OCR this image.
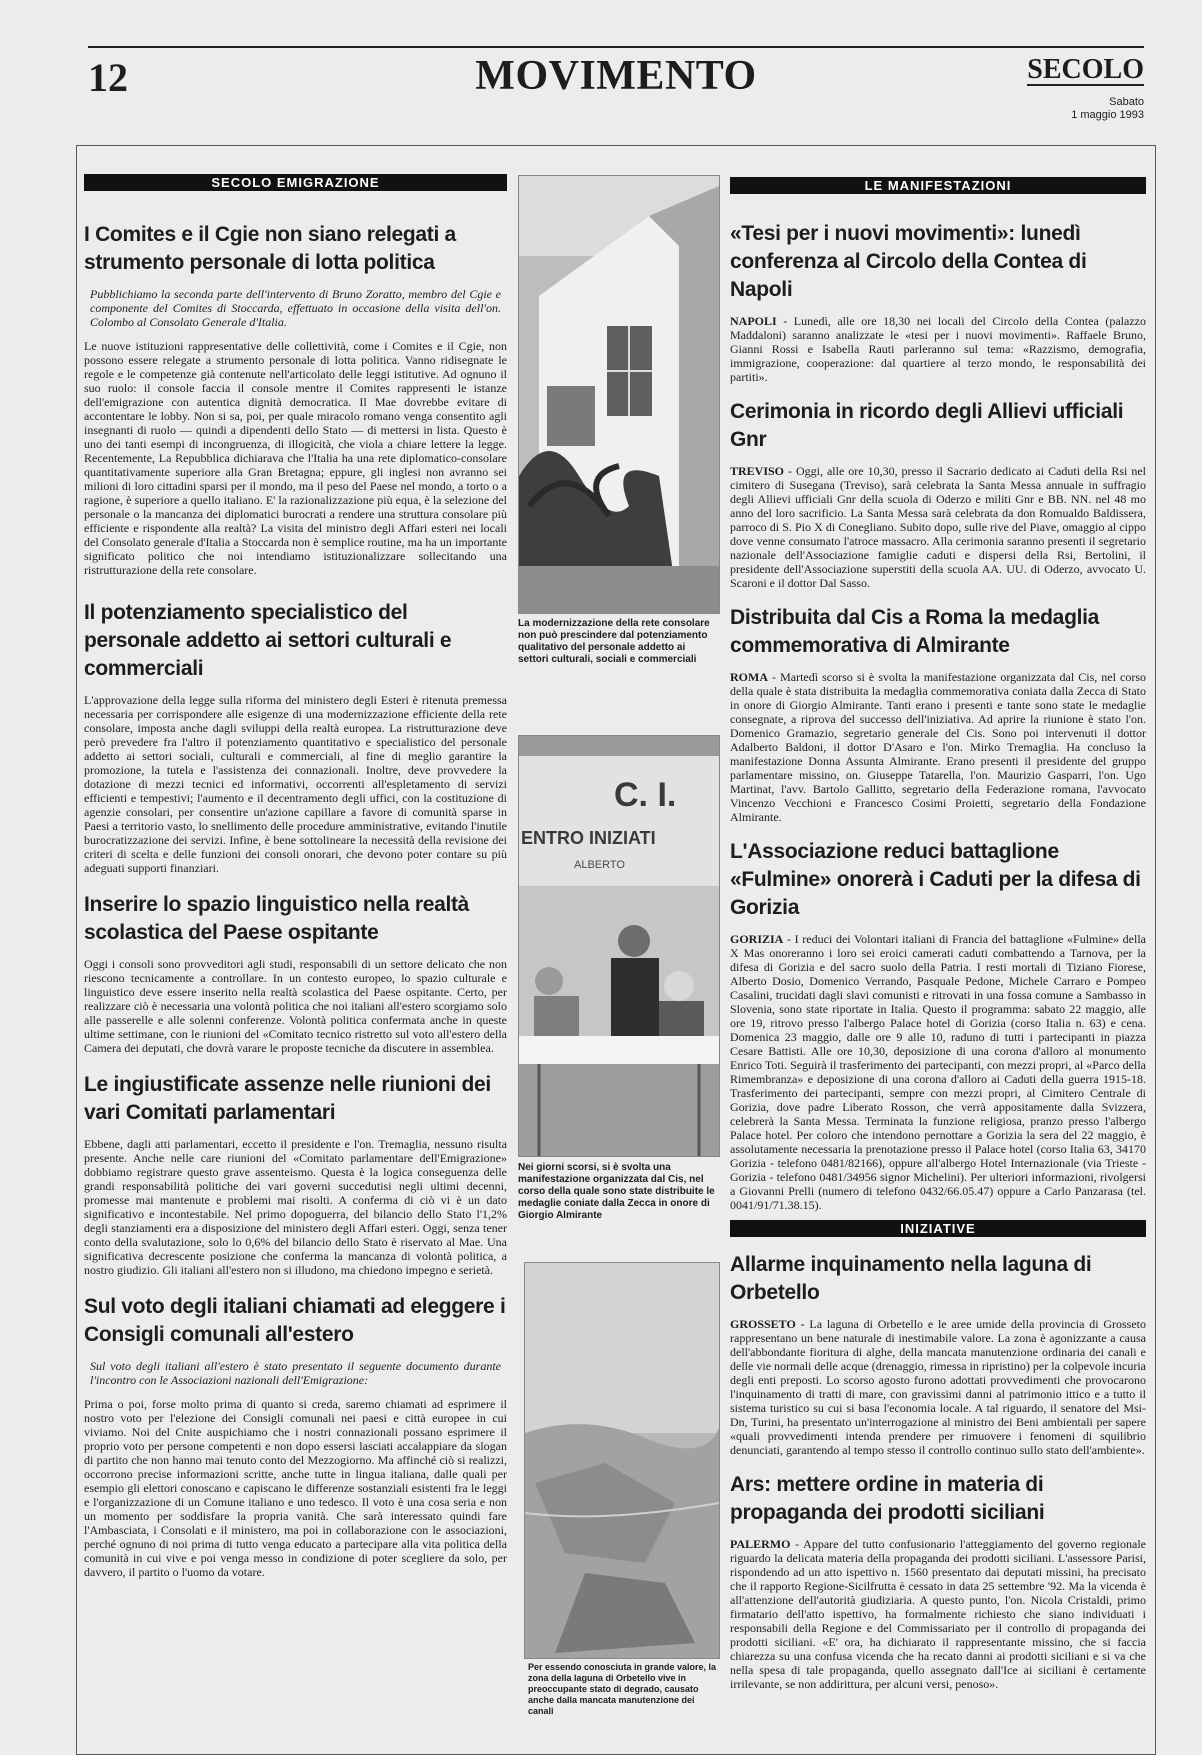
12	MOVIMENTO	SECOLO
Sabato
1 maggio 1993
SECOLO EMIGRAZIONE
I Comites e il Cgie non siano relegati a strumento personale di lotta politica

Pubblichiamo la seconda parte dell'intervento di Bruno Zoratto, membro del Cgie e componente del Comites di Stoccarda, effettuato in occasione della visita dell'on. Colombo al Consolato Generale d'Italia.

Le nuove istituzioni rappresentative delle collettività, come i Comites e il Cgie, non possono essere relegate a strumento personale di lotta politica. Vanno ridisegnate le regole e le competenze già contenute nell'articolato delle leggi istitutive. Ad ognuno il suo ruolo: il console faccia il console mentre il Comites rappresenti le istanze dell'emigrazione con autentica dignità democratica. Il Mae dovrebbe evitare di accontentare le lobby. Non si sa, poi, per quale miracolo romano venga consentito agli insegnanti di ruolo — quindi a dipendenti dello Stato — di mettersi in lista. Questo è uno dei tanti esempi di incongruenza, di illogicità, che viola a chiare lettere la legge. Recentemente, La Repubblica dichiarava che l'Italia ha una rete diplomatico-consolare quantitativamente superiore alla Gran Bretagna; eppure, gli inglesi non avranno sei milioni di loro cittadini sparsi per il mondo, ma il peso del Paese nel mondo, a torto o a ragione, è superiore a quello italiano. E' la razionalizzazione più equa, è la selezione del personale o la mancanza dei diplomatici burocrati a rendere una struttura consolare più efficiente e rispondente alla realtà? La visita del ministro degli Affari esteri nei locali del Consolato generale d'Italia a Stoccarda non è semplice routine, ma ha un importante significato politico che noi intendiamo istituzionalizzare sollecitando una ristrutturazione della rete consolare.

Il potenziamento specialistico del personale addetto ai settori culturali e commerciali

L'approvazione della legge sulla riforma del ministero degli Esteri è ritenuta premessa necessaria per corrispondere alle esigenze di una modernizzazione efficiente della rete consolare, imposta anche dagli sviluppi della realtà europea. La ristrutturazione deve però prevedere fra l'altro il potenziamento quantitativo e specialistico del personale addetto ai settori sociali, culturali e commerciali, al fine di meglio garantire la promozione, la tutela e l'assistenza dei connazionali. Inoltre, deve provvedere la dotazione di mezzi tecnici ed informativi, occorrenti all'espletamento di servizi efficienti e tempestivi; l'aumento e il decentramento degli uffici, con la costituzione di agenzie consolari, per consentire un'azione capillare a favore di comunità sparse in Paesi a territorio vasto, lo snellimento delle procedure amministrative, evitando l'inutile burocratizzazione dei servizi. Infine, è bene sottolineare la necessità della revisione dei criteri di scelta e delle funzioni dei consoli onorari, che devono poter contare su più adeguati supporti finanziari.

Inserire lo spazio linguistico nella realtà scolastica del Paese ospitante

Oggi i consoli sono provveditori agli studi, responsabili di un settore delicato che non riescono tecnicamente a controllare. In un contesto europeo, lo spazio culturale e linguistico deve essere inserito nella realtà scolastica del Paese ospitante. Certo, per realizzare ciò è necessaria una volontà politica che noi italiani all'estero scorgiamo solo alle passerelle e alle solenni conferenze. Volontà politica confermata anche in queste ultime settimane, con le riunioni del «Comitato tecnico ristretto sul voto all'estero della Camera dei deputati, che dovrà varare le proposte tecniche da discutere in assemblea.

Le ingiustificate assenze nelle riunioni dei vari Comitati parlamentari

Ebbene, dagli atti parlamentari, eccetto il presidente e l'on. Tremaglia, nessuno risulta presente. Anche nelle care riunioni del «Comitato parlamentare dell'Emigrazione» dobbiamo registrare questo grave assenteismo. Questa è la logica conseguenza delle grandi responsabilità politiche dei vari governi succedutisi negli ultimi decenni, promesse mai mantenute e problemi mai risolti. A conferma di ciò vi è un dato significativo e incontestabile. Nel primo dopoguerra, del bilancio dello Stato l'1,2% degli stanziamenti era a disposizione del ministero degli Affari esteri. Oggi, senza tener conto della svalutazione, solo lo 0,6% del bilancio dello Stato è riservato al Mae. Una significativa decrescente posizione che conferma la mancanza di volontà politica, a nostro giudizio. Gli italiani all'estero non si illudono, ma chiedono impegno e serietà.

Sul voto degli italiani chiamati ad eleggere i Consigli comunali all'estero

Sul voto degli italiani all'estero è stato presentato il seguente documento durante l'incontro con le Associazioni nazionali dell'Emigrazione:

Prima o poi, forse molto prima di quanto si creda, saremo chiamati ad esprimere il nostro voto per l'elezione dei Consigli comunali nei paesi e città europee in cui viviamo. Noi del Cnite auspichiamo che i nostri connazionali possano esprimere il proprio voto per persone competenti e non dopo essersi lasciati accalappiare da slogan di partito che non hanno mai tenuto conto del Mezzogiorno. Ma affinché ciò si realizzi, occorrono precise informazioni scritte, anche tutte in lingua italiana, dalle quali per esempio gli elettori conoscano e capiscano le differenze sostanziali esistenti fra le leggi e l'organizzazione di un Comune italiano e uno tedesco. Il voto è una cosa seria e non un momento per soddisfare la propria vanità. Che sarà interessato quindi fare l'Ambasciata, i Consolati e il ministero, ma poi in collaborazione con le associazioni, perché ognuno di noi prima di tutto venga educato a partecipare alla vita politica della comunità in cui vive e poi venga messo in condizione di poter scegliere da solo, per davvero, il partito o l'uomo da votare.

La modernizzazione della rete consolare non può prescindere dal potenziamento qualitativo del personale addetto ai settori culturali, sociali e commerciali
C. I.
ENTRO INIZIATI
ALBERTO
Nei giorni scorsi, si è svolta una manifestazione organizzata dal Cis, nel corso della quale sono state distribuite le medaglie coniate dalla Zecca in onore di Giorgio Almirante
Per essendo conosciuta in grande valore, la zona della laguna di Orbetello vive in preoccupante stato di degrado, causato anche dalla mancata manutenzione dei canali
LE MANIFESTAZIONI
«Tesi per i nuovi movimenti»: lunedì conferenza al Circolo della Contea di Napoli

NAPOLI - Lunedì, alle ore 18,30 nei locali del Circolo della Contea (palazzo Maddaloni) saranno analizzate le «tesi per i nuovi movimenti». Raffaele Bruno, Gianni Rossi e Isabella Rauti parleranno sul tema: «Razzismo, demografia, immigrazione, cooperazione: dal quartiere al terzo mondo, le responsabilità dei partiti».

Cerimonia in ricordo degli Allievi ufficiali Gnr

TREVISO - Oggi, alle ore 10,30, presso il Sacrario dedicato ai Caduti della Rsi nel cimitero di Susegana (Treviso), sarà celebrata la Santa Messa annuale in suffragio degli Allievi ufficiali Gnr della scuola di Oderzo e militi Gnr e BB. NN. nel 48 mo anno del loro sacrificio. La Santa Messa sarà celebrata da don Romualdo Baldissera, parroco di S. Pio X di Conegliano. Subito dopo, sulle rive del Piave, omaggio al cippo dove venne consumato l'atroce massacro. Alla cerimonia saranno presenti il segretario nazionale dell'Associazione famiglie caduti e dispersi della Rsi, Bertolini, il presidente dell'Associazione superstiti della scuola AA. UU. di Oderzo, avvocato U. Scaroni e il dottor Dal Sasso.

Distribuita dal Cis a Roma la medaglia commemorativa di Almirante

ROMA - Martedì scorso si è svolta la manifestazione organizzata dal Cis, nel corso della quale è stata distribuita la medaglia commemorativa coniata dalla Zecca di Stato in onore di Giorgio Almirante. Tanti erano i presenti e tante sono state le medaglie consegnate, a riprova del successo dell'iniziativa. Ad aprire la riunione è stato l'on. Domenico Gramazio, segretario generale del Cis. Sono poi intervenuti il dottor Adalberto Baldoni, il dottor D'Asaro e l'on. Mirko Tremaglia. Ha concluso la manifestazione Donna Assunta Almirante. Erano presenti il presidente del gruppo parlamentare missino, on. Giuseppe Tatarella, l'on. Maurizio Gasparri, l'on. Ugo Martinat, l'avv. Bartolo Gallitto, segretario della Federazione romana, l'avvocato Vincenzo Vecchioni e Francesco Cosimi Proietti, segretario della Fondazione Almirante.

L'Associazione reduci battaglione «Fulmine» onorerà i Caduti per la difesa di Gorizia

GORIZIA - I reduci dei Volontari italiani di Francia del battaglione «Fulmine» della X Mas onoreranno i loro sei eroici camerati caduti combattendo a Tarnova, per la difesa di Gorizia e del sacro suolo della Patria. I resti mortali di Tiziano Fiorese, Alberto Dosio, Domenico Verrando, Pasquale Pedone, Michele Carraro e Pompeo Casalini, trucidati dagli slavi comunisti e ritrovati in una fossa comune a Sambasso in Slovenia, sono state riportate in Italia. Questo il programma: sabato 22 maggio, alle ore 19, ritrovo presso l'albergo Palace hotel di Gorizia (corso Italia n. 63) e cena. Domenica 23 maggio, dalle ore 9 alle 10, raduno di tutti i partecipanti in piazza Cesare Battisti. Alle ore 10,30, deposizione di una corona d'alloro al monumento Enrico Toti. Seguirà il trasferimento dei partecipanti, con mezzi propri, al «Parco della Rimembranza» e deposizione di una corona d'alloro ai Caduti della guerra 1915-18. Trasferimento dei partecipanti, sempre con mezzi propri, al Cimitero Centrale di Gorizia, dove padre Liberato Rosson, che verrà appositamente dalla Svizzera, celebrerà la Santa Messa. Terminata la funzione religiosa, pranzo presso l'albergo Palace hotel. Per coloro che intendono pernottare a Gorizia la sera del 22 maggio, è assolutamente necessaria la prenotazione presso il Palace hotel (corso Italia 63, 34170 Gorizia - telefono 0481/82166), oppure all'albergo Hotel Internazionale (via Trieste - Gorizia - telefono 0481/34956 signor Michelini). Per ulteriori informazioni, rivolgersi a Giovanni Prelli (numero di telefono 0432/66.05.47) oppure a Carlo Panzarasa (tel. 0041/91/71.38.15).

INIZIATIVE
Allarme inquinamento nella laguna di Orbetello

GROSSETO - La laguna di Orbetello e le aree umide della provincia di Grosseto rappresentano un bene naturale di inestimabile valore. La zona è agonizzante a causa dell'abbondante fioritura di alghe, della mancata manutenzione ordinaria dei canali e delle vie normali delle acque (drenaggio, rimessa in ripristino) per la colpevole incuria degli enti preposti. Lo scorso agosto furono adottati provvedimenti che provocarono l'inquinamento di tratti di mare, con gravissimi danni al patrimonio ittico e a tutto il sistema turistico su cui si basa l'economia locale. A tal riguardo, il senatore del Msi-Dn, Turini, ha presentato un'interrogazione al ministro dei Beni ambientali per sapere «quali provvedimenti intenda prendere per rimuovere i fenomeni di squilibrio denunciati, garantendo al tempo stesso il controllo continuo sullo stato dell'ambiente».

Ars: mettere ordine in materia di propaganda dei prodotti siciliani

PALERMO - Appare del tutto confusionario l'atteggiamento del governo regionale riguardo la delicata materia della propaganda dei prodotti siciliani. L'assessore Parisi, rispondendo ad un atto ispettivo n. 1560 presentato dai deputati missini, ha precisato che il rapporto Regione-Sicilfrutta è cessato in data 25 settembre '92. Ma la vicenda è all'attenzione dell'autorità giudiziaria. A questo punto, l'on. Nicola Cristaldi, primo firmatario dell'atto ispettivo, ha formalmente richiesto che siano individuati i responsabili della Regione e del Commissariato per il controllo di propaganda dei prodotti siciliani. «E' ora, ha dichiarato il rappresentante missino, che si faccia chiarezza su una confusa vicenda che ha recato danni ai prodotti siciliani e si va che nella spesa di tale propaganda, quello assegnato dall'Ice ai siciliani è certamente irrilevante, se non addirittura, per alcuni versi, penoso».
